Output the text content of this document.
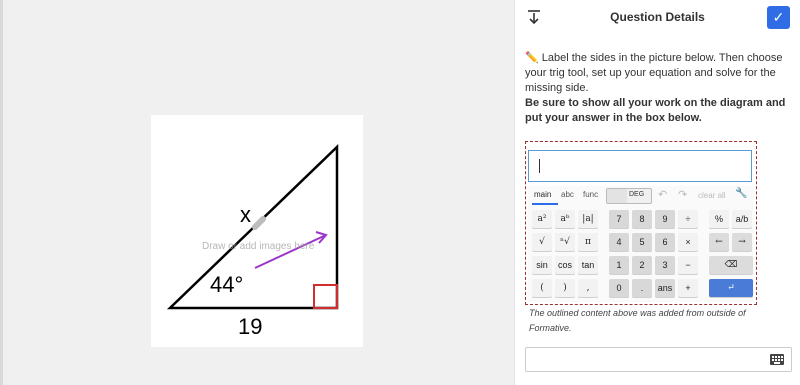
x
44°
19
Draw or add images here
Question Details	✓
✏️ Label the sides in the picture below. Then choose your trig tool, set up your equation and solve for the missing side.
Be sure to show all your work on the diagram and put your answer in the box below.
main abc func	DEG ↶ ↷ clear all 🔧
a²	aᵇ	|a|	7	8	9	÷	%	a/b
√	ⁿ√	π	4	5	6	×	←	→
sin	cos	tan	1	2	3	−	⌫
(	)	,	0	.	ans	+	↵
The outlined content above was added from outside of Formative.
